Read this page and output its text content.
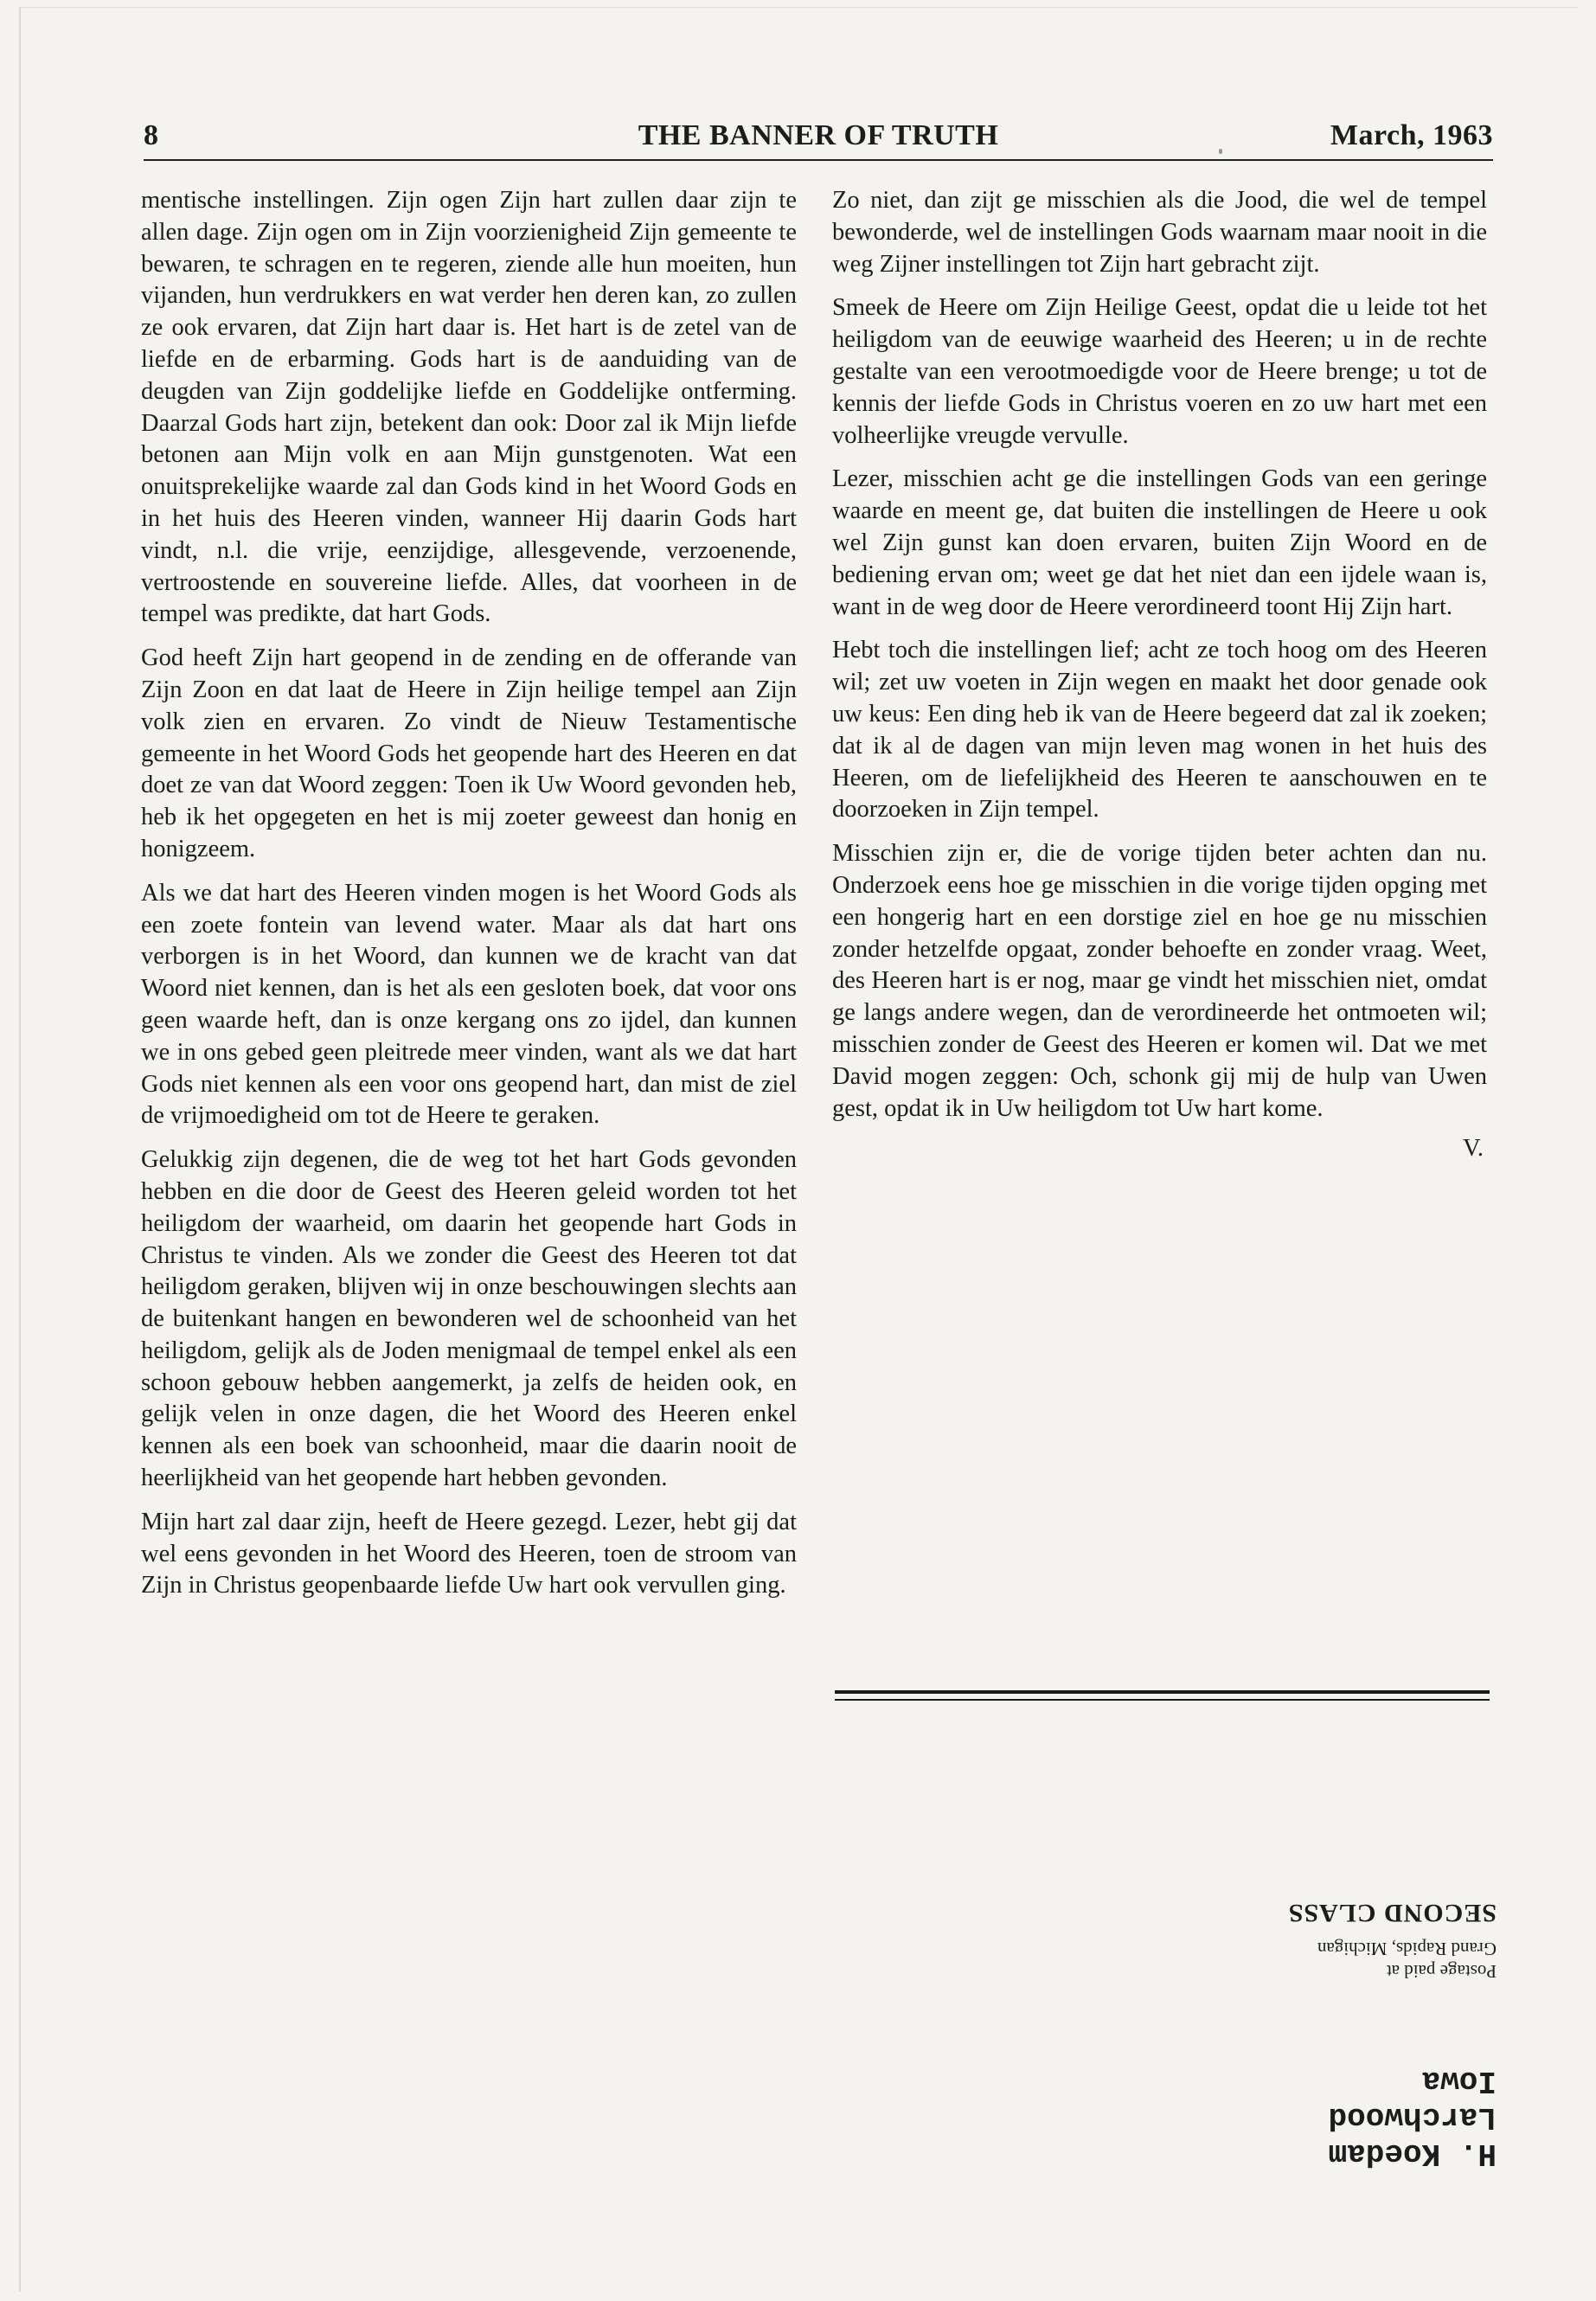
8	THE BANNER OF TRUTH	March, 1963

mentische instellingen. Zijn ogen Zijn hart zullen daar zijn te allen dage. Zijn ogen om in Zijn voorzienigheid Zijn gemeente te bewaren, te schragen en te regeren, ziende alle hun moeiten, hun vijanden, hun verdrukkers en wat verder hen deren kan, zo zullen ze ook ervaren, dat Zijn hart daar is. Het hart is de zetel van de liefde en de erbarming. Gods hart is de aanduiding van de deugden van Zijn goddelijke liefde en Goddelijke ontferming. Daarzal Gods hart zijn, betekent dan ook: Door zal ik Mijn liefde betonen aan Mijn volk en aan Mijn gunstgenoten. Wat een onuitsprekelijke waarde zal dan Gods kind in het Woord Gods en in het huis des Heeren vinden, wanneer Hij daarin Gods hart vindt, n.l. die vrije, eenzijdige, allesgevende, verzoenende, vertroostende en souvereine liefde. Alles, dat voorheen in de tempel was predikte, dat hart Gods.

God heeft Zijn hart geopend in de zending en de offerande van Zijn Zoon en dat laat de Heere in Zijn heilige tempel aan Zijn volk zien en ervaren. Zo vindt de Nieuw Testamentische gemeente in het Woord Gods het geopende hart des Heeren en dat doet ze van dat Woord zeggen: Toen ik Uw Woord gevonden heb, heb ik het opgegeten en het is mij zoeter geweest dan honig en honigzeem.

Als we dat hart des Heeren vinden mogen is het Woord Gods als een zoete fontein van levend water. Maar als dat hart ons verborgen is in het Woord, dan kunnen we de kracht van dat Woord niet kennen, dan is het als een gesloten boek, dat voor ons geen waarde heft, dan is onze kergang ons zo ijdel, dan kunnen we in ons gebed geen pleitrede meer vinden, want als we dat hart Gods niet kennen als een voor ons geopend hart, dan mist de ziel de vrijmoedigheid om tot de Heere te geraken.

Gelukkig zijn degenen, die de weg tot het hart Gods gevonden hebben en die door de Geest des Heeren geleid worden tot het heiligdom der waarheid, om daarin het geopende hart Gods in Christus te vinden. Als we zonder die Geest des Heeren tot dat heiligdom geraken, blijven wij in onze beschouwingen slechts aan de buitenkant hangen en bewonderen wel de schoonheid van het heiligdom, gelijk als de Joden menigmaal de tempel enkel als een schoon gebouw hebben aangemerkt, ja zelfs de heiden ook, en gelijk velen in onze dagen, die het Woord des Heeren enkel kennen als een boek van schoonheid, maar die daarin nooit de heerlijkheid van het geopende hart hebben gevonden.

Mijn hart zal daar zijn, heeft de Heere gezegd. Lezer, hebt gij dat wel eens gevonden in het Woord des Heeren, toen de stroom van Zijn in Christus geopenbaarde liefde Uw hart ook vervullen ging.

Zo niet, dan zijt ge misschien als die Jood, die wel de tempel bewonderde, wel de instellingen Gods waarnam maar nooit in die weg Zijner instellingen tot Zijn hart gebracht zijt.

Smeek de Heere om Zijn Heilige Geest, opdat die u leide tot het heiligdom van de eeuwige waarheid des Heeren; u in de rechte gestalte van een verootmoedigde voor de Heere brenge; u tot de kennis der liefde Gods in Christus voeren en zo uw hart met een volheerlijke vreugde vervulle.

Lezer, misschien acht ge die instellingen Gods van een geringe waarde en meent ge, dat buiten die instellingen de Heere u ook wel Zijn gunst kan doen ervaren, buiten Zijn Woord en de bediening ervan om; weet ge dat het niet dan een ijdele waan is, want in de weg door de Heere verordineerd toont Hij Zijn hart.

Hebt toch die instellingen lief; acht ze toch hoog om des Heeren wil; zet uw voeten in Zijn wegen en maakt het door genade ook uw keus: Een ding heb ik van de Heere begeerd dat zal ik zoeken; dat ik al de dagen van mijn leven mag wonen in het huis des Heeren, om de liefelijkheid des Heeren te aanschouwen en te doorzoeken in Zijn tempel.

Misschien zijn er, die de vorige tijden beter achten dan nu. Onderzoek eens hoe ge misschien in die vorige tijden opging met een hongerig hart en een dorstige ziel en hoe ge nu misschien zonder hetzelfde opgaat, zonder behoefte en zonder vraag. Weet, des Heeren hart is er nog, maar ge vindt het misschien niet, omdat ge langs andere wegen, dan de verordineerde het ontmoeten wil; misschien zonder de Geest des Heeren er komen wil. Dat we met David mogen zeggen: Och, schonk gij mij de hulp van Uwen gest, opdat ik in Uw heiligdom tot Uw hart kome.

V.
H. Koedam
Larchwood
Iowa
Postage paid at
Grand Rapids, Michigan
SECOND CLASS
